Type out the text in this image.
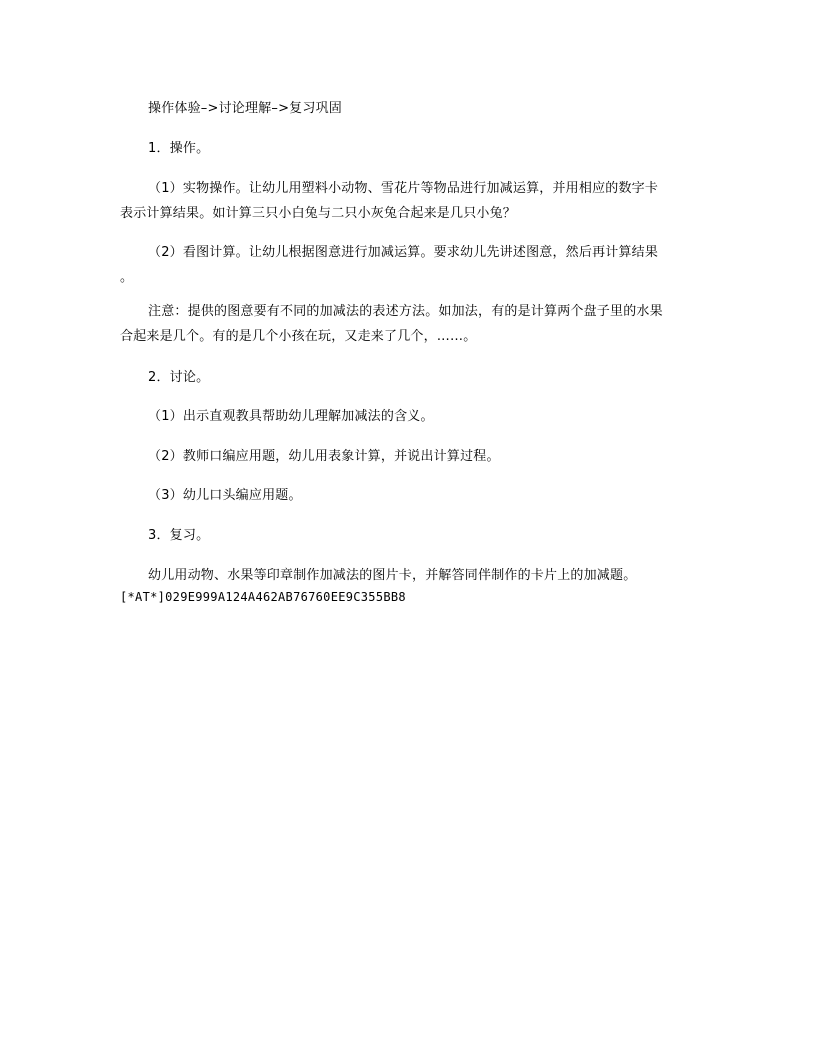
操作体验–>讨论理解–>复习巩固
1．操作。
（1）实物操作。让幼儿用塑料小动物、雪花片等物品进行加减运算，并用相应的数字卡
表示计算结果。如计算三只小白兔与二只小灰兔合起来是几只小兔？
（2）看图计算。让幼儿根据图意进行加减运算。要求幼儿先讲述图意，然后再计算结果
。
注意：提供的图意要有不同的加减法的表述方法。如加法，有的是计算两个盘子里的水果
合起来是几个。有的是几个小孩在玩，又走来了几个，……。
2．讨论。
（1）出示直观教具帮助幼儿理解加减法的含义。
（2）教师口编应用题，幼儿用表象计算，并说出计算过程。
（3）幼儿口头编应用题。
3．复习。
幼儿用动物、水果等印章制作加减法的图片卡，并解答同伴制作的卡片上的加减题。
[*AT*]029E999A124A462AB76760EE9C355BB8
